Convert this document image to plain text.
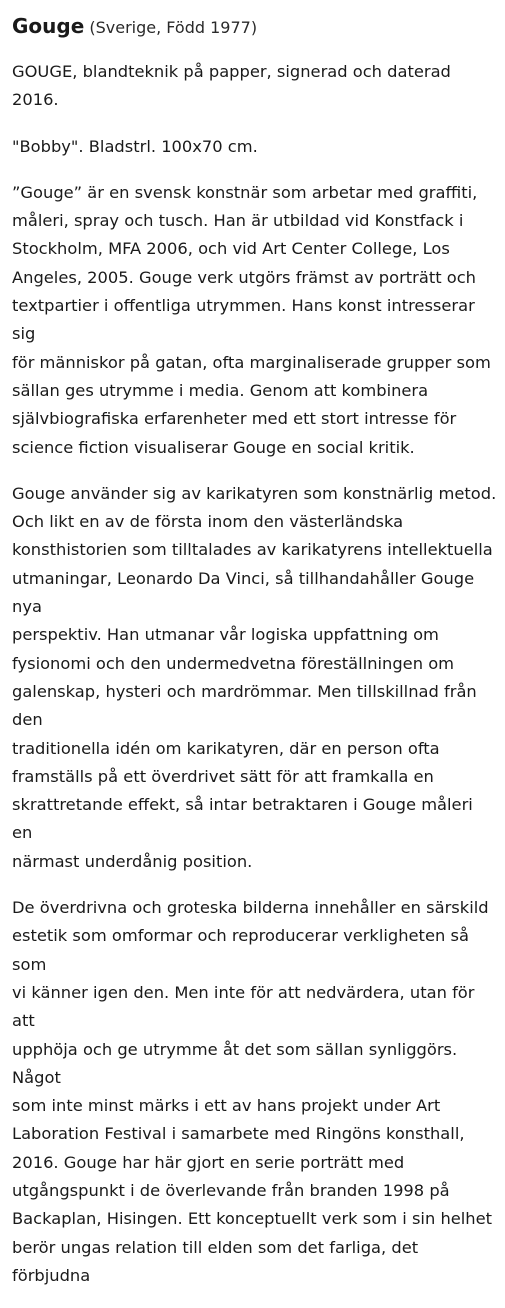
Gouge (Sverige, Född 1977)

GOUGE, blandteknik på papper, signerad och daterad 2016.

"Bobby". Bladstrl. 100x70 cm.

”Gouge” är en svensk konstnär som arbetar med graffiti,
måleri, spray och tusch. Han är utbildad vid Konstfack i
Stockholm, MFA 2006, och vid Art Center College, Los
Angeles, 2005. Gouge verk utgörs främst av porträtt och
textpartier i offentliga utrymmen. Hans konst intresserar sig
för människor på gatan, ofta marginaliserade grupper som
sällan ges utrymme i media. Genom att kombinera
självbiografiska erfarenheter med ett stort intresse för
science fiction visualiserar Gouge en social kritik.

Gouge använder sig av karikatyren som konstnärlig metod.
Och likt en av de första inom den västerländska
konsthistorien som tilltalades av karikatyrens intellektuella
utmaningar, Leonardo Da Vinci, så tillhandahåller Gouge nya
perspektiv. Han utmanar vår logiska uppfattning om
fysionomi och den undermedvetna föreställningen om
galenskap, hysteri och mardrömmar. Men tillskillnad från den
traditionella idén om karikatyren, där en person ofta
framställs på ett överdrivet sätt för att framkalla en
skrattretande effekt, så intar betraktaren i Gouge måleri en
närmast underdånig position.

De överdrivna och groteska bilderna innehåller en särskild
estetik som omformar och reproducerar verkligheten så som
vi känner igen den. Men inte för att nedvärdera, utan för att
upphöja och ge utrymme åt det som sällan synliggörs. Något
som inte minst märks i ett av hans projekt under Art
Laboration Festival i samarbete med Ringöns konsthall,
2016. Gouge har här gjort en serie porträtt med
utgångspunkt i de överlevande från branden 1998 på
Backaplan, Hisingen. Ett konceptuellt verk som i sin helhet
berör ungas relation till elden som det farliga, det förbjudna
